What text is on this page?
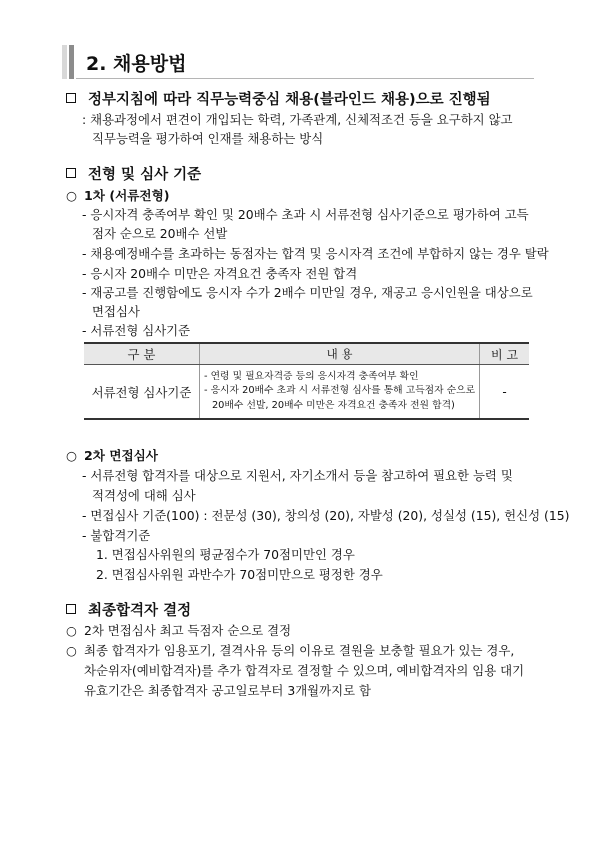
2. 채용방법
정부지침에 따라 직무능력중심 채용(블라인드 채용)으로 진행됨
: 채용과정에서 편견이 개입되는 학력, 가족관계, 신체적조건 등을 요구하지 않고
직무능력을 평가하여 인재를 채용하는 방식
전형 및 심사 기준
○ 1차 (서류전형)
- 응시자격 충족여부 확인 및 20배수 초과 시 서류전형 심사기준으로 평가하여 고득
점자 순으로 20배수 선발
- 채용예정배수를 초과하는 동점자는 합격 및 응시자격 조건에 부합하지 않는 경우 탈락
- 응시자 20배수 미만은 자격요건 충족자 전원 합격
- 재공고를 진행함에도 응시자 수가 2배수 미만일 경우, 재공고 응시인원을 대상으로
면접심사
- 서류전형 심사기준
구 분	내 용	비 고
서류전형 심사기준	- 연령 및 필요자격증 등의 응시자격 충족여부 확인
- 응시자 20배수 초과 시 서류전형 심사를 통해 고득점자 순으로
20배수 선발, 20배수 미만은 자격요건 충족자 전원 합격)	-
○ 2차 면접심사
- 서류전형 합격자를 대상으로 지원서, 자기소개서 등을 참고하여 필요한 능력 및
적격성에 대해 심사
- 면접심사 기준(100) : 전문성 (30), 창의성 (20), 자발성 (20), 성실성 (15), 헌신성 (15)
- 불합격기준
1. 면접심사위원의 평균점수가 70점미만인 경우
2. 면접심사위원 과반수가 70점미만으로 평정한 경우
최종합격자 결정
○ 2차 면접심사 최고 득점자 순으로 결정
○ 최종 합격자가 임용포기, 결격사유 등의 이유로 결원을 보충할 필요가 있는 경우,
차순위자(예비합격자)를 추가 합격자로 결정할 수 있으며, 예비합격자의 임용 대기
유효기간은 최종합격자 공고일로부터 3개월까지로 함
